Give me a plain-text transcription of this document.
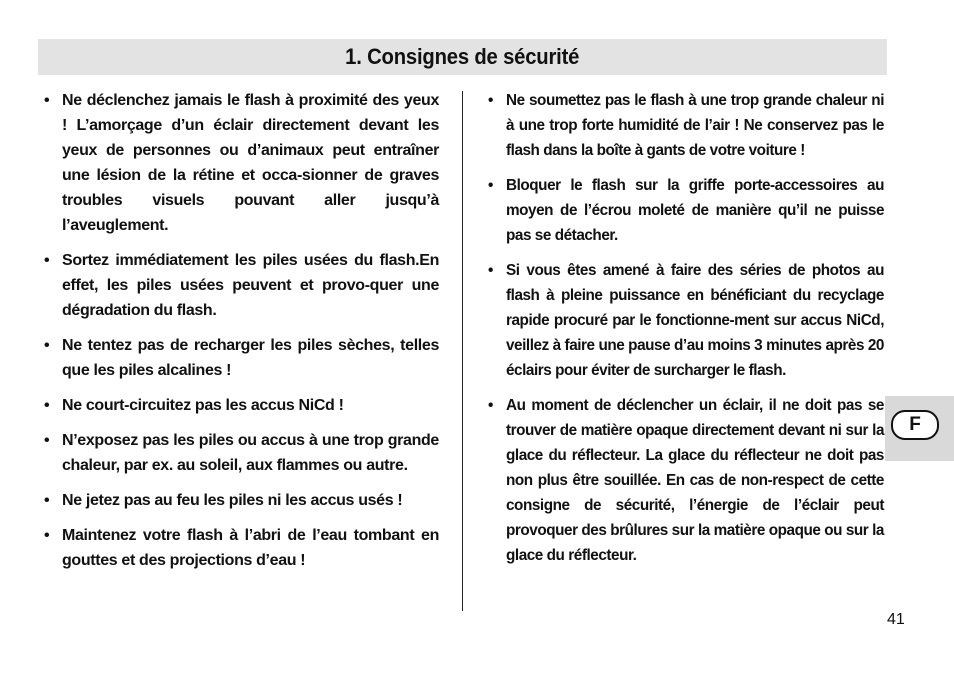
1. Consignes de sécurité
• Ne déclenchez jamais le flash à proximité des yeux ! L’amorçage d’un éclair directement devant les yeux de personnes ou d’animaux peut entraîner une lésion de la rétine et occa-sionner de graves troubles visuels pouvant aller jusqu’à l’aveuglement.
• Sortez immédiatement les piles usées du flash.En effet, les piles usées peuvent et provo-quer une dégradation du flash.
• Ne tentez pas de recharger les piles sèches, telles que les piles alcalines !
• Ne court-circuitez pas les accus NiCd !
• N’exposez pas les piles ou accus à une trop grande chaleur, par ex. au soleil, aux flammes ou autre.
• Ne jetez pas au feu les piles ni les accus usés !
• Maintenez votre flash à l’abri de l’eau tombant en gouttes et des projections d’eau !
• Ne soumettez pas le flash à une trop grande chaleur ni à une trop forte humidité de l’air ! Ne conservez pas le flash dans la boîte à gants de votre voiture !
• Bloquer le flash sur la griffe porte-accessoires au moyen de l’écrou moleté de manière qu’il ne puisse pas se détacher.
• Si vous êtes amené à faire des séries de photos au flash à pleine puissance en bénéficiant du recyclage rapide procuré par le fonctionne-ment sur accus NiCd, veillez à faire une pause d’au moins 3 minutes après 20 éclairs pour éviter de surcharger le flash.
• Au moment de déclencher un éclair, il ne doit pas se trouver de matière opaque directement devant ni sur la glace du réflecteur. La glace du réflecteur ne doit pas non plus être souillée. En cas de non-respect de cette consigne de sécurité, l’énergie de l’éclair peut provoquer des brûlures sur la matière opaque ou sur la glace du réflecteur.
F
41
